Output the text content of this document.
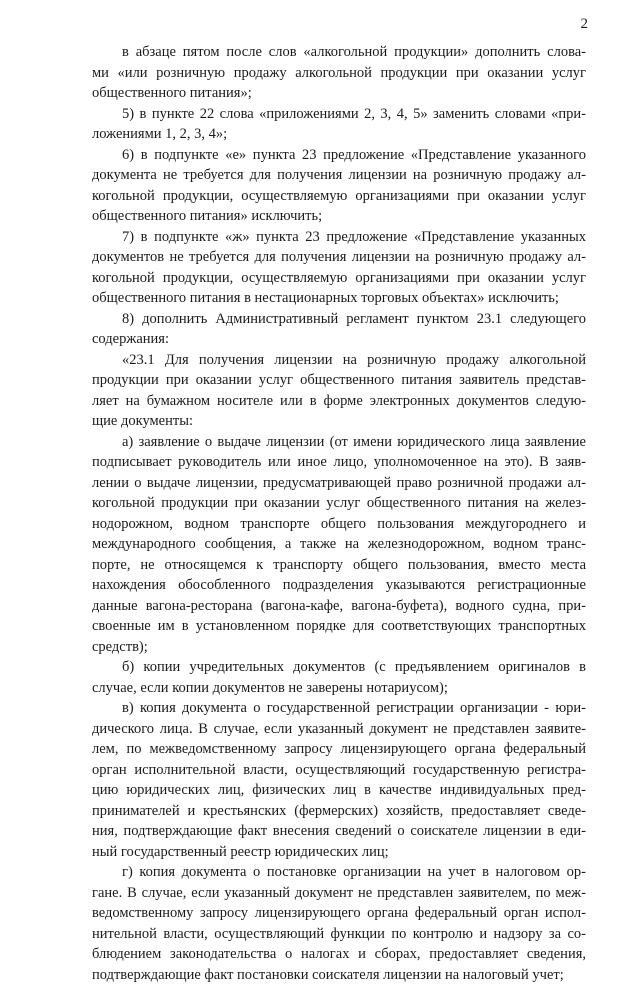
2
в абзаце пятом после слов «алкогольной продукции» дополнить слова-
ми «или розничную продажу алкогольной продукции при оказании услуг
общественного питания»;
5) в пункте 22 слова «приложениями 2, 3, 4, 5» заменить словами «при-
ложениями 1, 2, 3, 4»;
6) в подпункте «е» пункта 23 предложение «Представление указанного
документа не требуется для получения лицензии на розничную продажу ал-
когольной продукции, осуществляемую организациями при оказании услуг
общественного питания» исключить;
7) в подпункте «ж» пункта 23 предложение «Представление указанных
документов не требуется для получения лицензии на розничную продажу ал-
когольной продукции, осуществляемую организациями при оказании услуг
общественного питания в нестационарных торговых объектах» исключить;
8) дополнить Административный регламент пунктом 23.1 следующего
содержания:
«23.1 Для получения лицензии на розничную продажу алкогольной
продукции при оказании услуг общественного питания заявитель представ-
ляет на бумажном носителе или в форме электронных документов следую-
щие документы:
а) заявление о выдаче лицензии (от имени юридического лица заявление
подписывает руководитель или иное лицо, уполномоченное на это). В заяв-
лении о выдаче лицензии, предусматривающей право розничной продажи ал-
когольной продукции при оказании услуг общественного питания на желез-
нодорожном, водном транспорте общего пользования междугороднего и
международного сообщения, а также на железнодорожном, водном транс-
порте, не относящемся к транспорту общего пользования, вместо места
нахождения обособленного подразделения указываются регистрационные
данные вагона-ресторана (вагона-кафе, вагона-буфета), водного судна, при-
своенные им в установленном порядке для соответствующих транспортных
средств);
б) копии учредительных документов (с предъявлением оригиналов в
случае, если копии документов не заверены нотариусом);
в) копия документа о государственной регистрации организации - юри-
дического лица. В случае, если указанный документ не представлен заявите-
лем, по межведомственному запросу лицензирующего органа федеральный
орган исполнительной власти, осуществляющий государственную регистра-
цию юридических лиц, физических лиц в качестве индивидуальных пред-
принимателей и крестьянских (фермерских) хозяйств, предоставляет сведе-
ния, подтверждающие факт внесения сведений о соискателе лицензии в еди-
ный государственный реестр юридических лиц;
г) копия документа о постановке организации на учет в налоговом ор-
гане. В случае, если указанный документ не представлен заявителем, по меж-
ведомственному запросу лицензирующего органа федеральный орган испол-
нительной власти, осуществляющий функции по контролю и надзору за со-
блюдением законодательства о налогах и сборах, предоставляет сведения,
подтверждающие факт постановки соискателя лицензии на налоговый учет;
